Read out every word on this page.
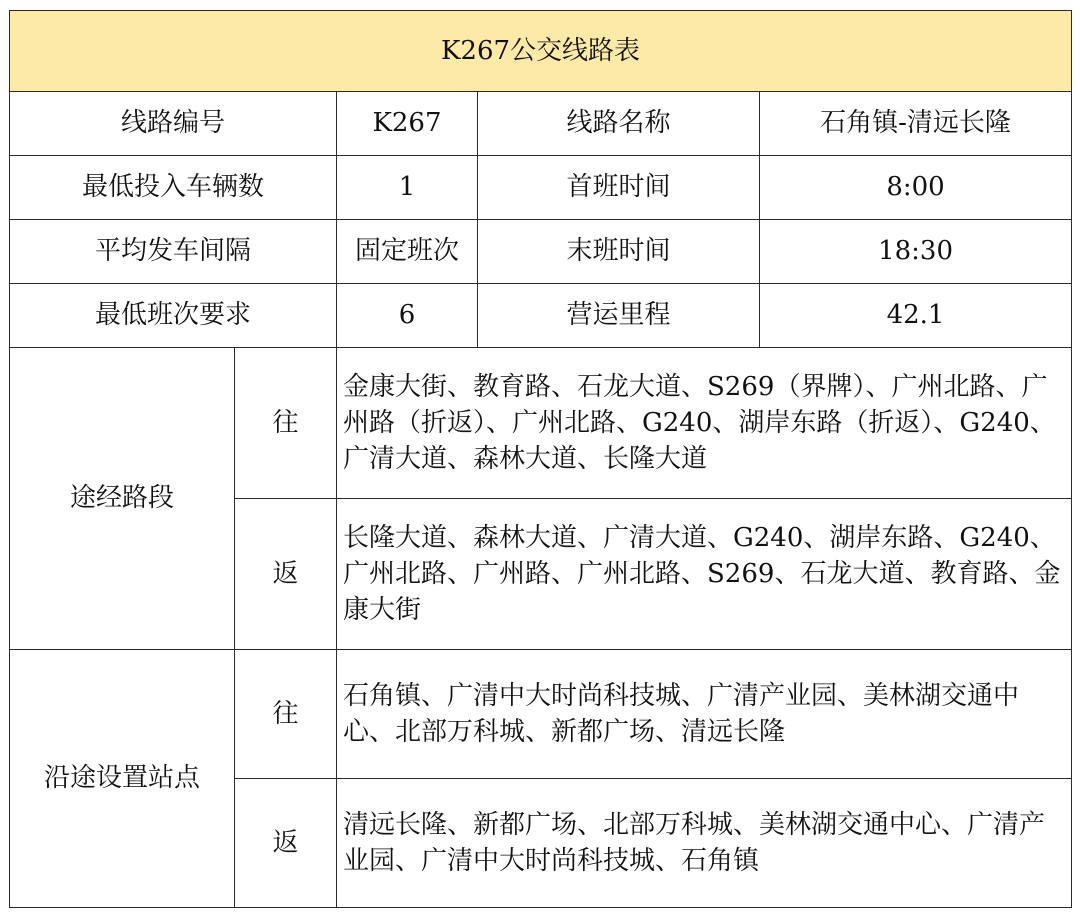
K267公交线路表				
线路编号		K267	线路名称	石角镇-清远长隆
最低投入车辆数		1	首班时间	8:00
平均发车间隔		固定班次	末班时间	18:30
最低班次要求		6	营运里程	42.1
途经路段	往	金康大街、教育路、石龙大道、S269（界牌）、广州北路、广州路（折返）、广州北路、G240、湖岸东路（折返）、G240、广清大道、森林大道、长隆大道		
	返	长隆大道、森林大道、广清大道、G240、湖岸东路、G240、广州北路、广州路、广州北路、S269、石龙大道、教育路、金康大街		
沿途设置站点	往	石角镇、广清中大时尚科技城、广清产业园、美林湖交通中心、北部万科城、新都广场、清远长隆		
	返	清远长隆、新都广场、北部万科城、美林湖交通中心、广清产业园、广清中大时尚科技城、石角镇		
